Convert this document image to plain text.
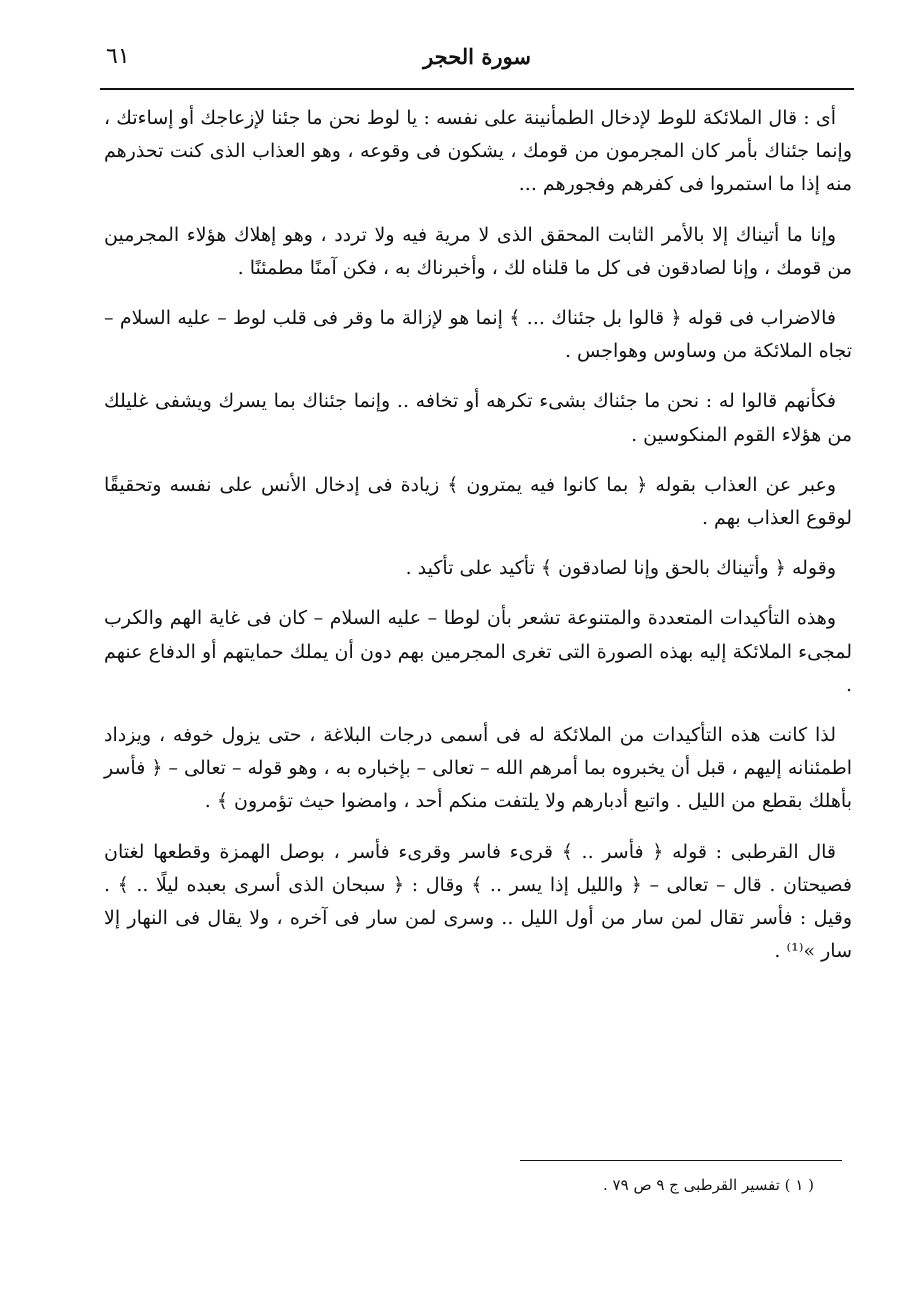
٦١	سورة الحجر

أى : قال الملائكة للوط لإدخال الطمأنينة على نفسه : يا لوط نحن ما جئنا لإزعاجك أو إساءتك ، وإنما جئناك بأمر كان المجرمون من قومك ، يشكون فى وقوعه ، وهو العذاب الذى كنت تحذرهم منه إذا ما استمروا فى كفرهم وفجورهم ...

وإنا ما أتيناك إلا بالأمر الثابت المحقق الذى لا مرية فيه ولا تردد ، وهو إهلاك هؤلاء المجرمين من قومك ، وإنا لصادقون فى كل ما قلناه لك ، وأخبرناك به ، فكن آمنًا مطمئنًا .

فالاضراب فى قوله ﴿ قالوا بل جئناك ... ﴾ إنما هو لإزالة ما وقر فى قلب لوط – عليه السلام – تجاه الملائكة من وساوس وهواجس .

فكأنهم قالوا له : نحن ما جئناك بشىء تكرهه أو تخافه .. وإنما جئناك بما يسرك ويشفى غليلك من هؤلاء القوم المنكوسين .

وعبر عن العذاب بقوله ﴿ بما كانوا فيه يمترون ﴾ زيادة فى إدخال الأنس على نفسه وتحقيقًا لوقوع العذاب بهم .

وقوله ﴿ وأتيناك بالحق وإنا لصادقون ﴾ تأكيد على تأكيد .

وهذه التأكيدات المتعددة والمتنوعة تشعر بأن لوطا – عليه السلام – كان فى غاية الهم والكرب لمجىء الملائكة إليه بهذه الصورة التى تغرى المجرمين بهم دون أن يملك حمايتهم أو الدفاع عنهم .

لذا كانت هذه التأكيدات من الملائكة له فى أسمى درجات البلاغة ، حتى يزول خوفه ، ويزداد اطمئنانه إليهم ، قبل أن يخبروه بما أمرهم الله – تعالى – بإخباره به ، وهو قوله – تعالى – ﴿ فأسر بأهلك بقطع من الليل . واتبع أدبارهم ولا يلتفت منكم أحد ، وامضوا حيث تؤمرون ﴾ .

قال القرطبى : قوله ﴿ فأسر .. ﴾ قرىء فاسر وقرىء فأسر ، بوصل الهمزة وقطعها لغتان فصيحتان . قال – تعالى – ﴿ والليل إذا يسر .. ﴾ وقال : ﴿ سبحان الذى أسرى بعبده ليلًا .. ﴾ . وقيل : فأسر تقال لمن سار من أول الليل .. وسرى لمن سار فى آخره ، ولا يقال فى النهار إلا سار »⁽¹⁾ .

( ١ ) تفسير القرطبى ج ٩ ص ٧٩ .
